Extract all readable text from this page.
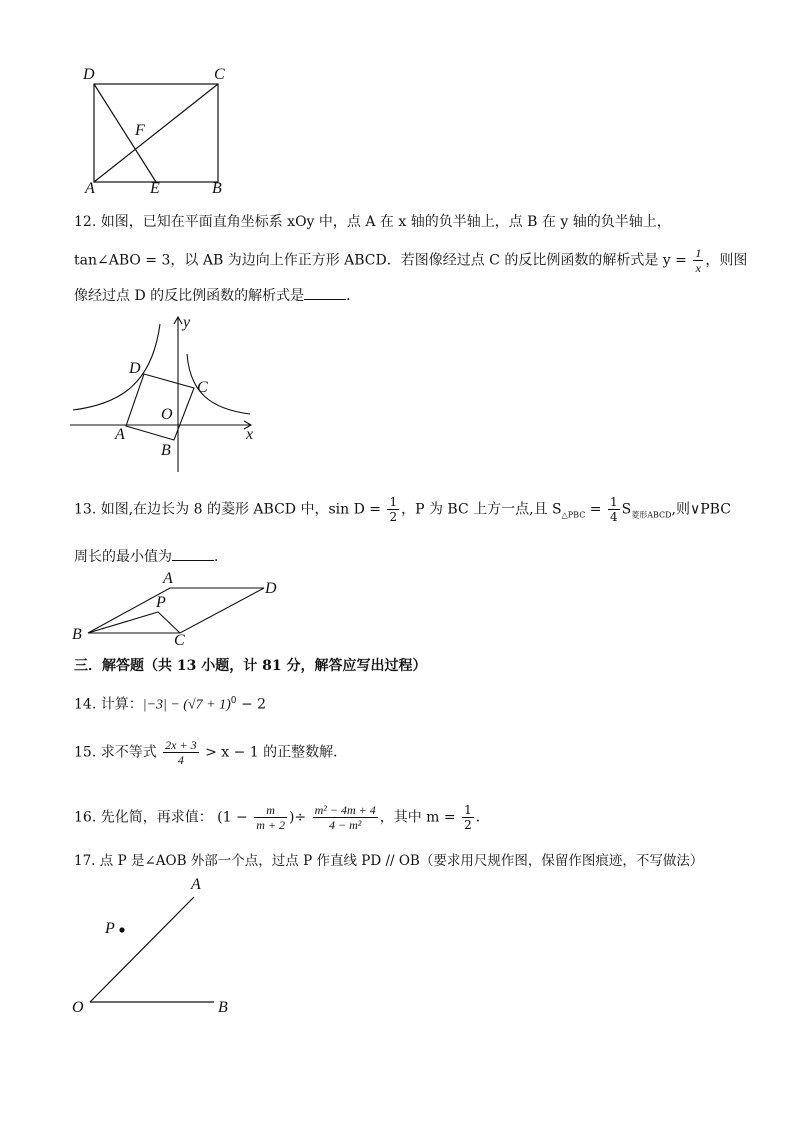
D	C
F
A	E	B
12. 如图，已知在平面直角坐标系 xOy 中，点 A 在 x 轴的负半轴上，点 B 在 y 轴的负半轴上，
tan∠ABO = 3，以 AB 为边向上作正方形 ABCD．若图像经过点 C 的反比例函数的解析式是 $y = \frac{1}{x}$ ，则图
像经过点 D 的反比例函数的解析式是	．
y
x
D
C
O
A
B
13. 如图,在边长为 8 的菱形 ABCD 中，$\sin D = \frac{1}{2}$ ，P 为 BC 上方一点,且 $S_{\triangle PBC} = \frac{1}{4} S_{菱形ABCD}$,则∨PBC
周长的最小值为	．
A
D
P
B	C
三．解答题（共 13 小题，计 81 分，解答应写出过程）
14. 计算：$|-3| - (√7 + 1)^0 - 2$
15. 求不等式 $\frac{2x + 3}{4} > x - 1$ 的正整数解．
16. 先化简，再求值： ($1 - \frac{m}{m + 2}$ )÷ $\frac{\text{m² − 4m + 4}}{\text{4 − m²}}$ ，其中 $m = \frac{1}{2}$ ．
17. 点 P 是∠AOB 外部一个点，过点 P 作直线 PD // OB（要求用尺规作图，保留作图痕迹，不写做法）
A
P
O	B
